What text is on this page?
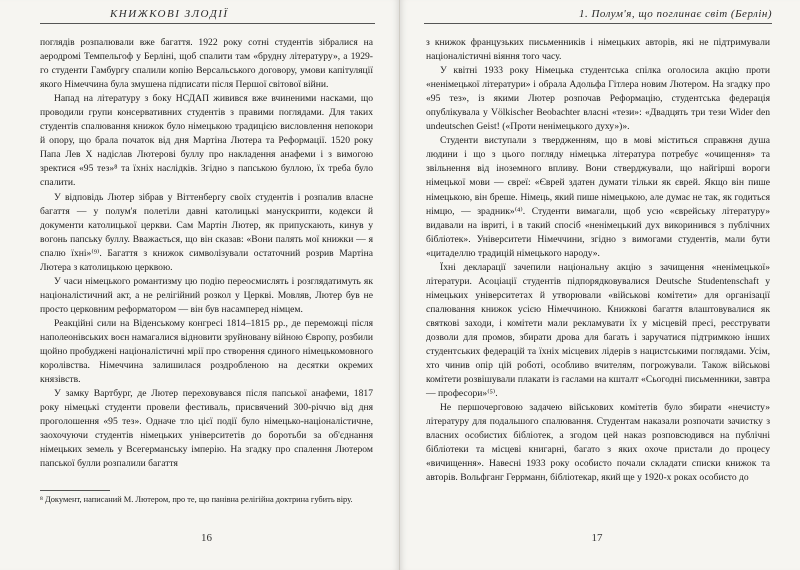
КНИЖКОВІ ЗЛОДІЇ

поглядів розпалювали вже багаття. 1922 року сотні студентів зібралися на аеродромі Темпельгоф у Берліні, щоб спалити там «брудну літературу», а 1929-го студенти Гамбургу спалили копію Версальського договору, умови капітуляції якого Німеччина була змушена підписати після Першої світової війни.

Напад на літературу з боку НСДАП живився вже вчиненими насками, що проводили групи консервативних студентів з правими поглядами. Для таких студентів спалювання книжок було німецькою традицією висловлення непокори й опору, що брала початок від дня Мартіна Лютера та Реформації. 1520 року Папа Лев X надіслав Лютерові буллу про накладення анафеми і з вимогою зректися «95 тез»⁸ та їхніх наслідків. Згідно з папською буллою, їх треба було спалити.

У відповідь Лютер зібрав у Віттенбергу своїх студентів і розпалив власне багаття — у полум'я полетіли давні католицькі манускрипти, кодекси й документи католицької церкви. Сам Мартін Лютер, як припускають, кинув у вогонь папську буллу. Вважається, що він сказав: «Вони палять мої книжки — я спалю їхні»⁽⁹⁾. Багаття з книжок символізували остаточний розрив Мартіна Лютера з католицькою церквою.

У часи німецького романтизму цю подію переосмислять і розглядатимуть як націоналістичний акт, а не релігійний розкол у Церкві. Мовляв, Лютер був не просто церковним реформатором — він був насамперед німцем.

Реакційні сили на Віденському конгресі 1814–1815 рр., де переможці після наполеонівських воєн намагалися відновити зруйновану війною Європу, розбили щойно пробуджені націоналістичні мрії про створення єдиного німецькомовного королівства. Німеччина залишилася роздробленою на десятки окремих князівств.

У замку Вартбург, де Лютер переховувався після папської анафеми, 1817 року німецькі студенти провели фестиваль, присвячений 300-річчю від дня проголошення «95 тез». Одначе тло цієї події було німецько-націоналістичне, заохочуючи студентів німецьких університетів до боротьби за об'єднання німецьких земель у Всегерманську імперію. На згадку про спалення Лютером папської булли розпалили багаття

⁸ Документ, написаний М. Лютером, про те, що панівна релігійна доктрина губить віру.
16
1. Полум'я, що поглинає світ (Берлін)

з книжок французьких письменників і німецьких авторів, які не підтримували націоналістичні віяння того часу.

У квітні 1933 року Німецька студентська спілка оголосила акцію проти «ненімецької літератури» і обрала Адольфа Гітлера новим Лютером. На згадку про «95 тез», із якими Лютер розпочав Реформацію, студентська федерація опублікувала у Völkischer Beobachter власні «тези»: «Двадцять три тези Wider den undeutschen Geist! («Проти ненімецького духу»)».

Студенти виступали з твердженням, що в мові міститься справжня душа людини і що з цього погляду німецька література потребує «очищення» та звільнення від іноземного впливу. Вони стверджували, що найгірші вороги німецької мови — євреї: «Єврей здатен думати тільки як єврей. Якщо він пише німецькою, він бреше. Німець, який пише німецькою, але думає не так, як годиться німцю, — зрадник»⁽⁴⁾. Студенти вимагали, щоб усю «єврейську літературу» видавали на івриті, і в такий спосіб «ненімецький дух викоринився з публічних бібліотек». Університети Німеччини, згідно з вимогами студентів, мали бути «цитаделлю традицій німецького народу».

Їхні декларації зачепили національну акцію з зачищення «ненімецької» літератури. Асоціації студентів підпорядковувалися Deutsche Studentenschaft у німецьких університетах й утворювали «військові комітети» для організації спалювання книжок усією Німеччиною. Книжкові багаття влаштовувалися як святкові заходи, і комітети мали рекламувати їх у місцевій пресі, реєструвати дозволи для промов, збирати дрова для багать і заручатися підтримкою інших студентських федерацій та їхніх місцевих лідерів з нацистськими поглядами. Усім, хто чинив опір цій роботі, особливо вчителям, погрожували. Також військові комітети розвішували плакати із гаслами на кшталт «Сьогодні письменники, завтра — професори»⁽⁵⁾.

Не першочерговою задачею військових комітетів було збирати «нечисту» літературу для подальшого спалювання. Студентам наказали розпочати зачистку з власних особистих бібліотек, а згодом цей наказ розповсюдився на публічні бібліотеки та місцеві книгарні, багато з яких охоче пристали до процесу «вичищення». Навесні 1933 року особисто почали складати списки книжок та авторів. Вольфганг Геррманн, бібліотекар, який ще у 1920-х роках особисто до

17
